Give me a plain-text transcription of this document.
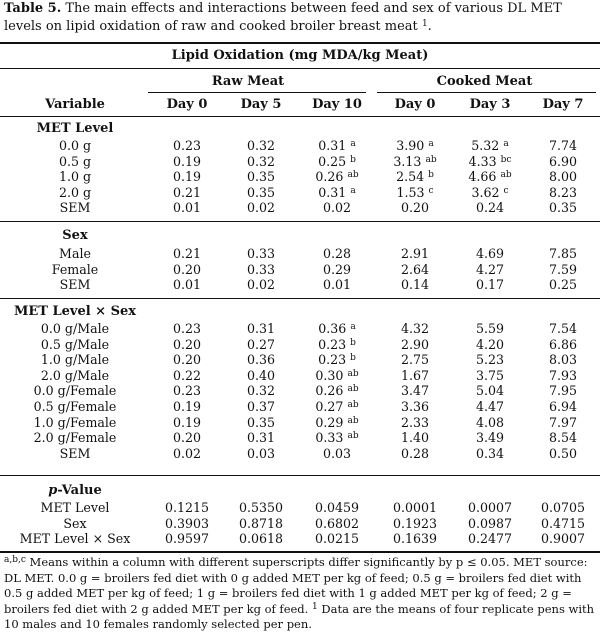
Table 5. The main effects and interactions between feed and sex of various DL MET levels on lipid oxidation of raw and cooked broiler breast meat $^1$.
Lipid Oxidation (mg MDA/kg Meat)
Raw Meat	Cooked Meat
Variable	Day 0	Day 5	Day 10	Day 0	Day 3	Day 7
MET Level
0.0 g	0.23	0.32	0.31 $^a$	3.90 $^a$	5.32 $^a$	7.74
0.5 g	0.19	0.32	0.25 $^b$	3.13 $^{ab}$	4.33 $^{bc}$	6.90
1.0 g	0.19	0.35	0.26 $^{ab}$	2.54 $^b$	4.66 $^{ab}$	8.00
2.0 g	0.21	0.35	0.31 $^a$	1.53 $^c$	3.62 $^c$	8.23
SEM	0.01	0.02	0.02	0.20	0.24	0.35
Sex
Male	0.21	0.33	0.28	2.91	4.69	7.85
Female	0.20	0.33	0.29	2.64	4.27	7.59
SEM	0.01	0.02	0.01	0.14	0.17	0.25
MET Level × Sex
0.0 g/Male	0.23	0.31	0.36 $^a$	4.32	5.59	7.54
0.5 g/Male	0.20	0.27	0.23 $^b$	2.90	4.20	6.86
1.0 g/Male	0.20	0.36	0.23 $^b$	2.75	5.23	8.03
2.0 g/Male	0.22	0.40	0.30 $^{ab}$	1.67	3.75	7.93
0.0 g/Female	0.23	0.32	0.26 $^{ab}$	3.47	5.04	7.95
0.5 g/Female	0.19	0.37	0.27 $^{ab}$	3.36	4.47	6.94
1.0 g/Female	0.19	0.35	0.29 $^{ab}$	2.33	4.08	7.97
2.0 g/Female	0.20	0.31	0.33 $^{ab}$	1.40	3.49	8.54
SEM	0.02	0.03	0.03	0.28	0.34	0.50
p-Value
MET Level	0.1215	0.5350	0.0459	0.0001	0.0007	0.0705
Sex	0.3903	0.8718	0.6802	0.1923	0.0987	0.4715
MET Level × Sex	0.9597	0.0618	0.0215	0.1639	0.2477	0.9007
$^{a,b,c}$ Means within a column with different superscripts differ significantly by p ≤ 0.05. MET source: DL MET. 0.0 g = broilers fed diet with 0 g added MET per kg of feed; 0.5 g = broilers fed diet with 0.5 g added MET per kg of feed; 1 g = broilers fed diet with 1 g added MET per kg of feed; 2 g = broilers fed diet with 2 g added MET per kg of feed. $^1$ Data are the means of four replicate pens with 10 males and 10 females randomly selected per pen.
